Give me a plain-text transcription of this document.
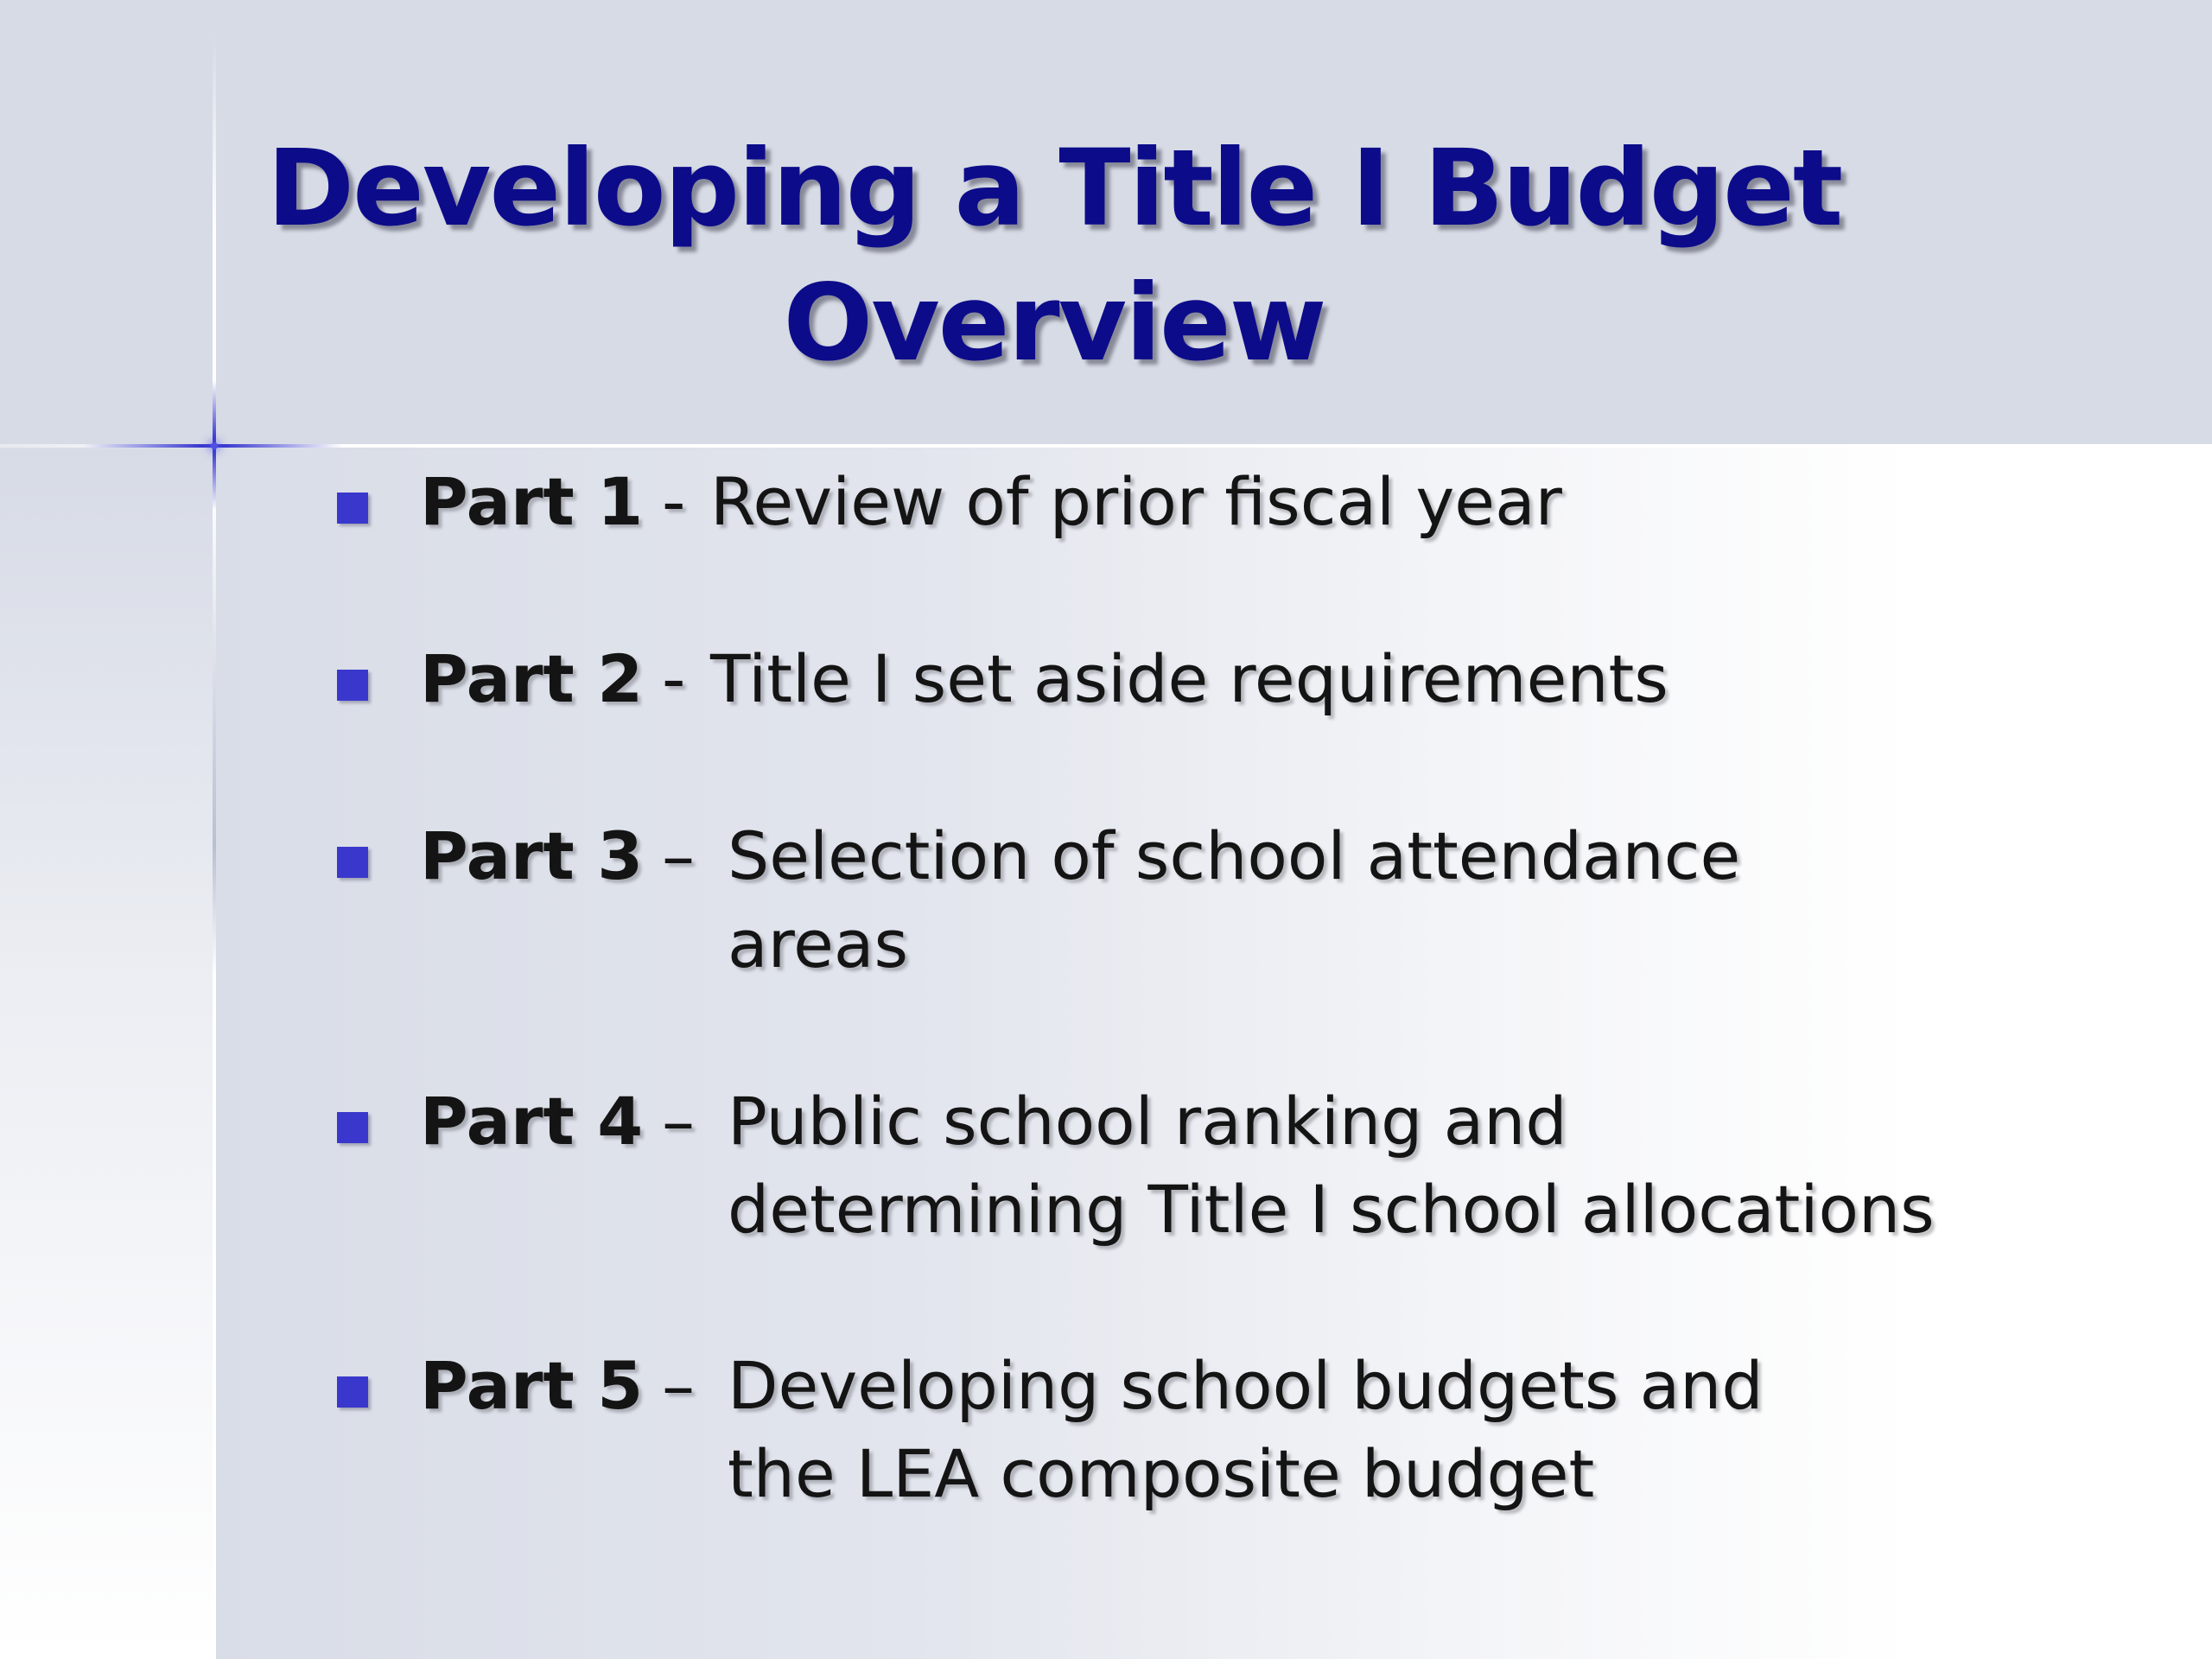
Developing a Title I Budget
Overview
Part 1 - Review of prior fiscal year
Part 2 - Title I set aside requirements
Part 3 – Selection of school attendance
areas
Part 4 – Public school ranking and
determining Title I school allocations
Part 5 – Developing school budgets and
the LEA composite budget
